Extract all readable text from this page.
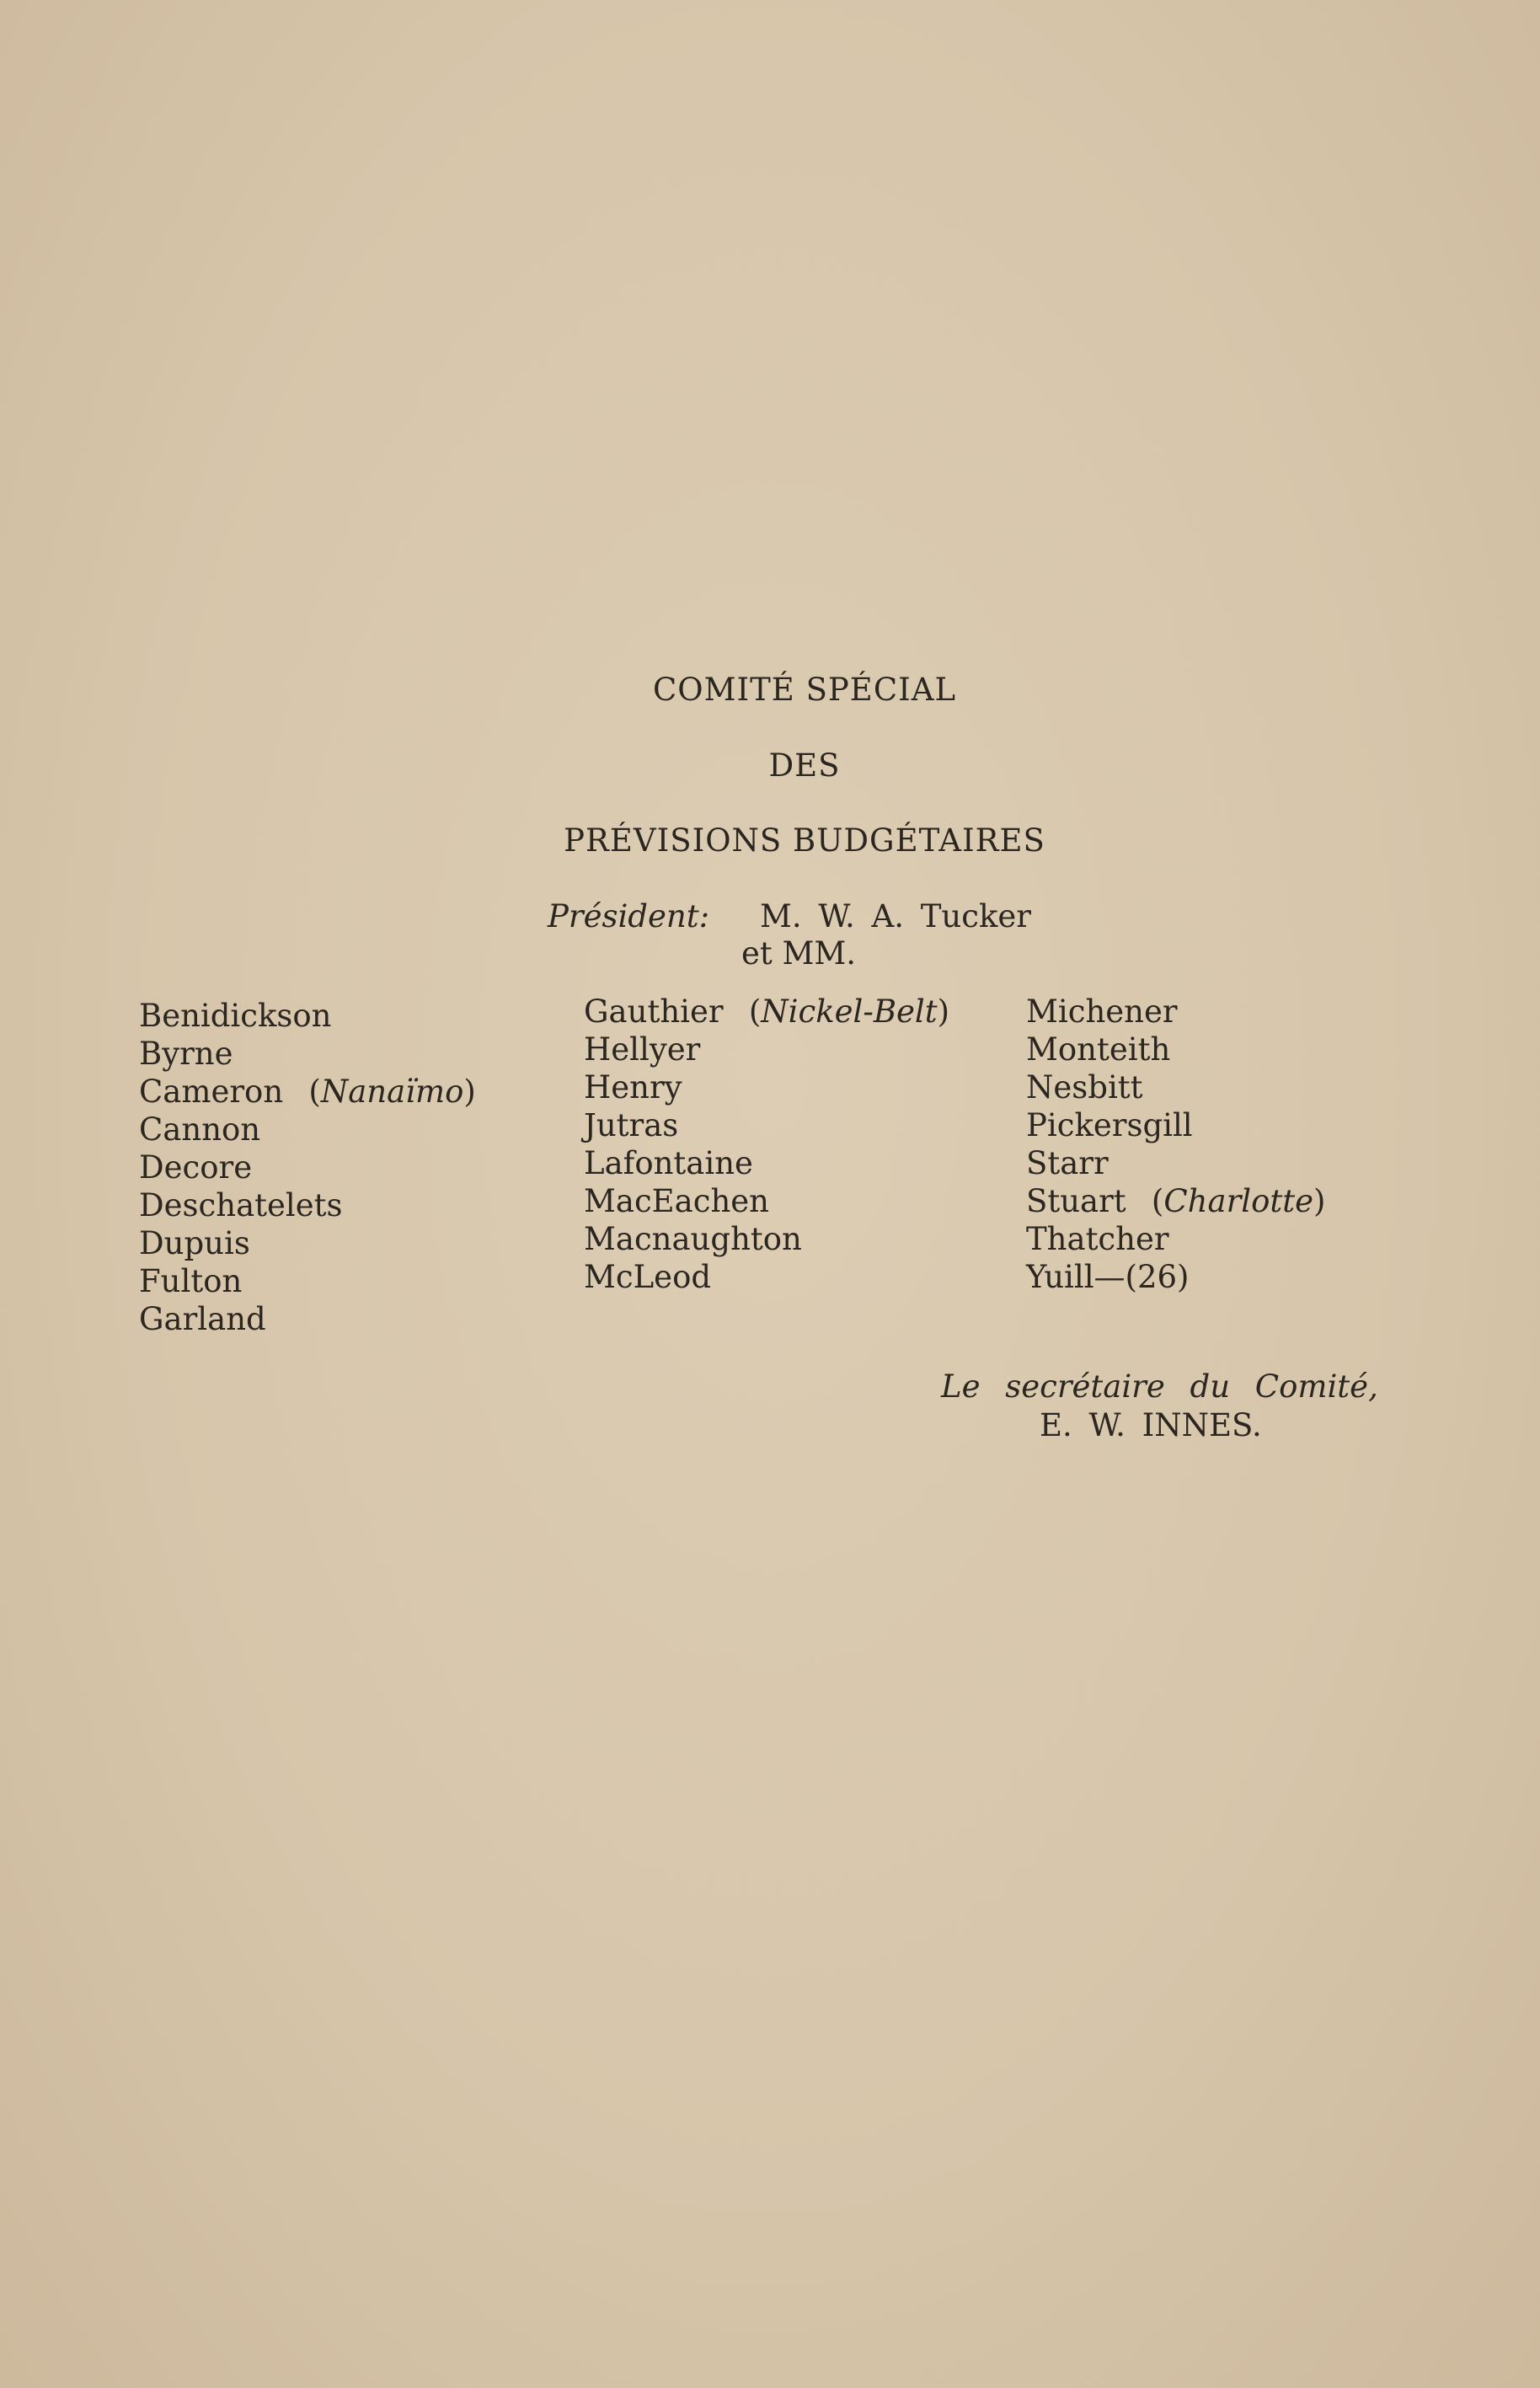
COMITÉ SPÉCIAL
DES
PRÉVISIONS BUDGÉTAIRES
Président: M. W. A. Tucker
et MM.
Benidickson
Byrne
Cameron  (Nanaïmo)
Cannon
Decore
Deschatelets
Dupuis
Fulton
Garland
Gauthier  (Nickel-Belt)
Hellyer
Henry
Jutras
Lafontaine
MacEachen
Macnaughton
McLeod
Michener
Monteith
Nesbitt
Pickersgill
Starr
Stuart  (Charlotte)
Thatcher
Yuill—(26)
Le secrétaire du Comité,
E. W. INNES.
